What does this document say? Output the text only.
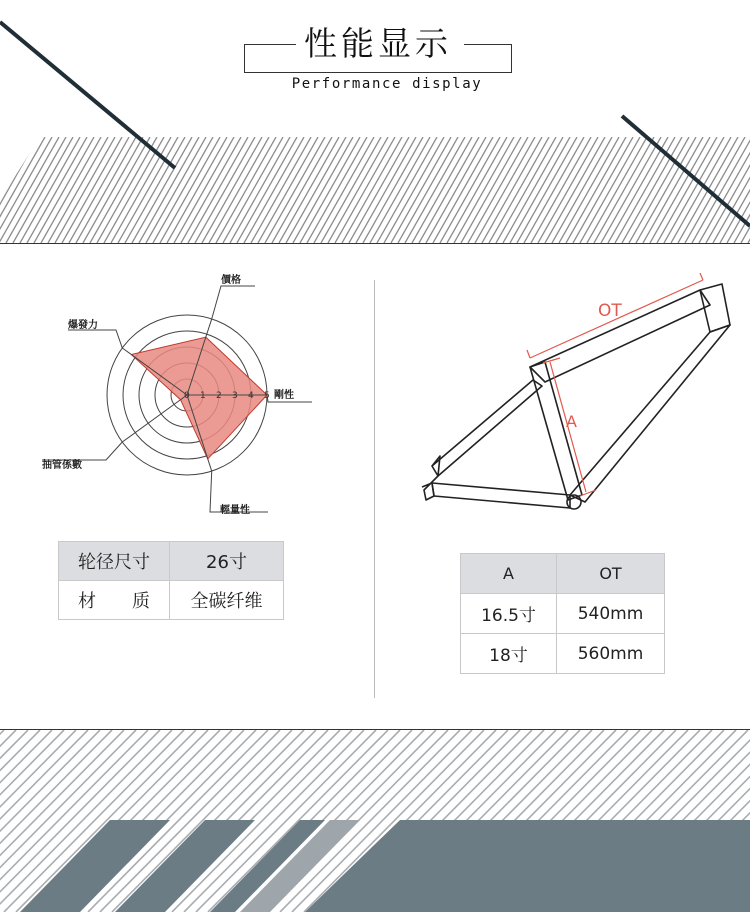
性能显示
Performance display
0 1 2 3 4 5
價格
剛性
輕量性
抽管係數
爆發力
轮径尺寸	26寸
材　　质	全碳纤维
OT
A
A	OT
16.5寸	540mm
18寸	560mm
